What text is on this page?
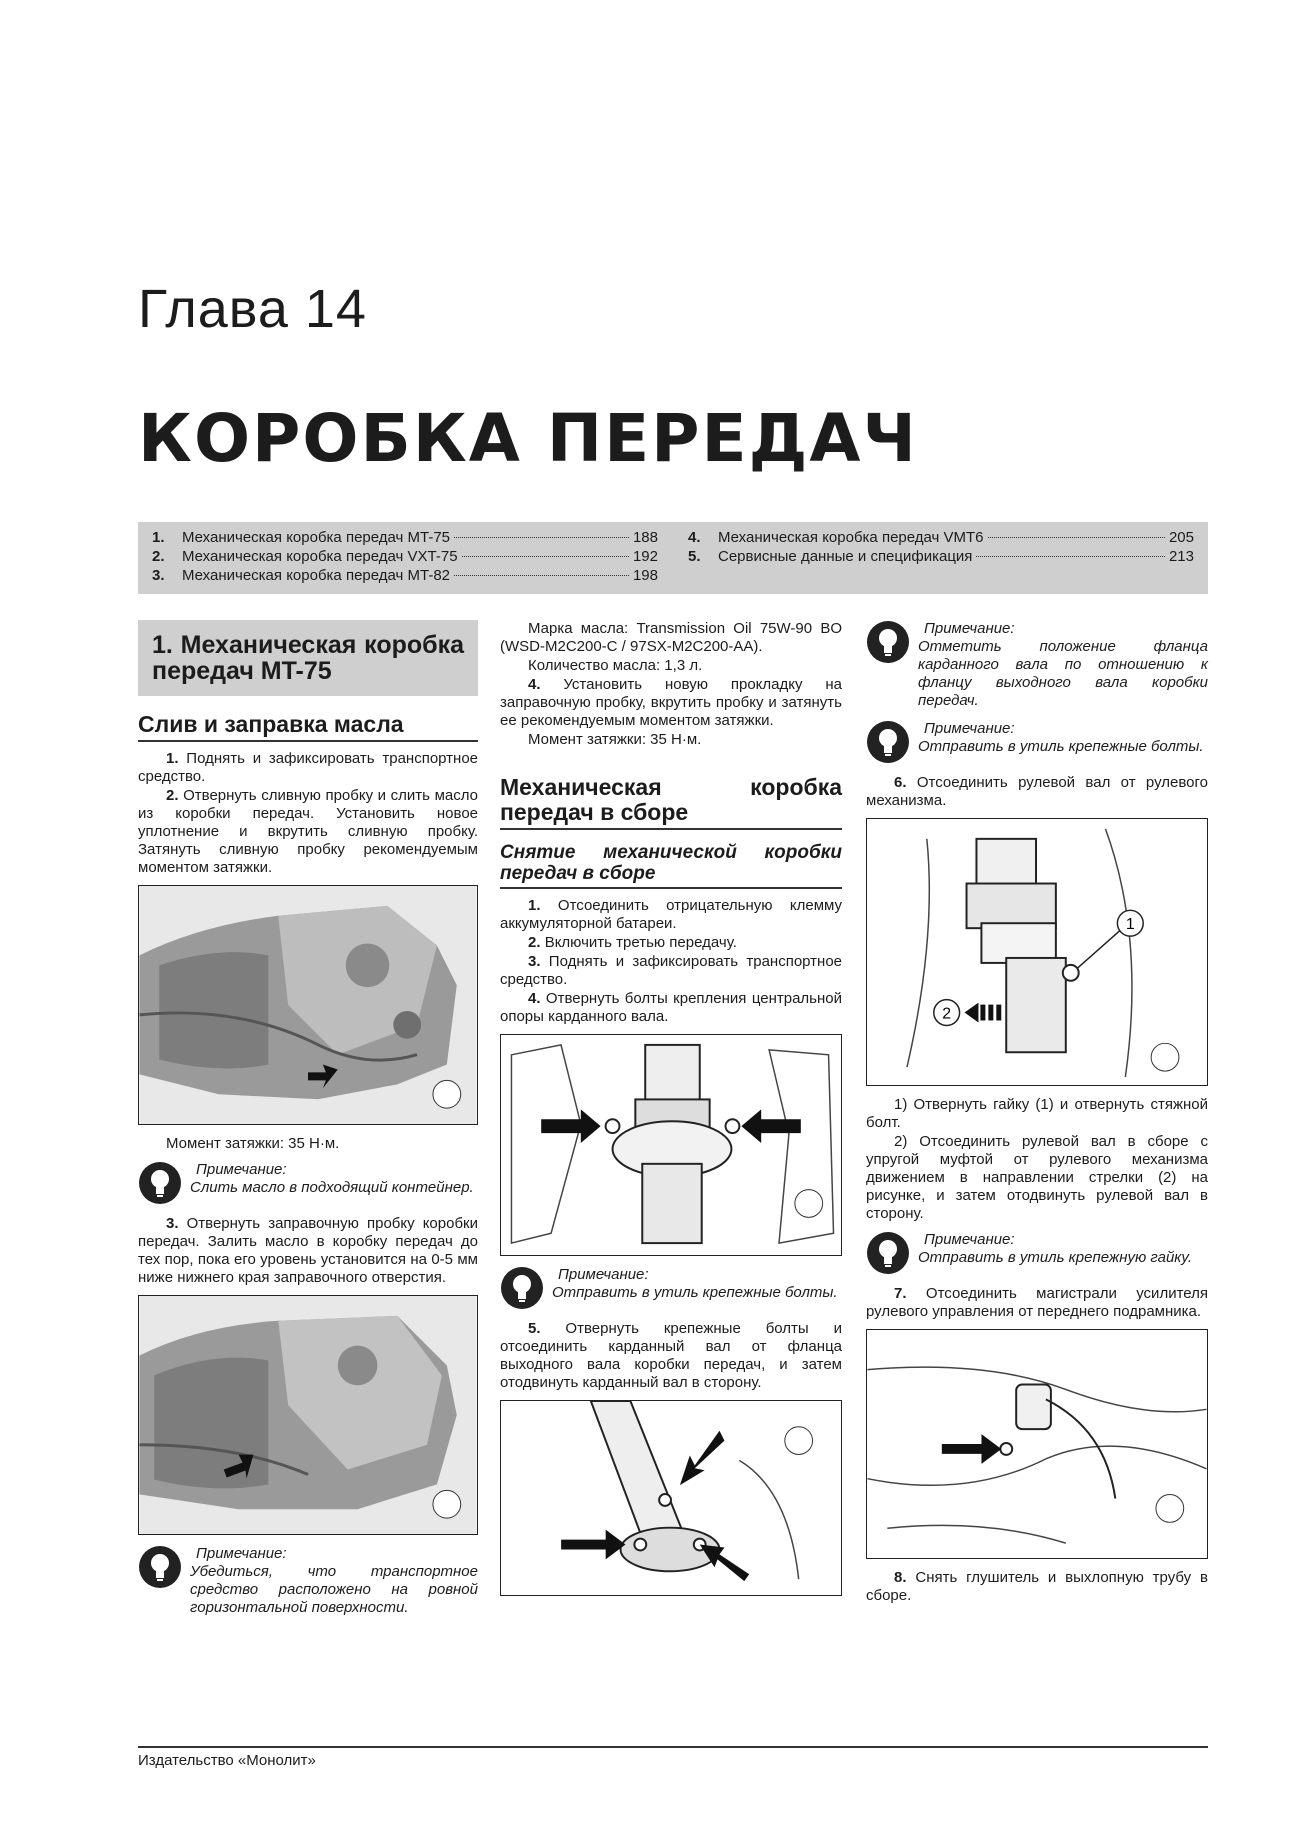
Глава 14
КОРОБКА ПЕРЕДАЧ
1.	Механическая коробка передач MT-75	188
2.	Механическая коробка передач VXT-75	192
3.	Механическая коробка передач MT-82	198
4.	Механическая коробка передач VMT6	205
5.	Сервисные данные и спецификация	213
1. Механическая коробка передач MT-75
Слив и заправка масла

1. Поднять и зафиксировать транспортное средство.

2. Отвернуть сливную пробку и слить масло из коробки передач. Установить новое уплотнение и вкрутить сливную пробку. Затянуть сливную пробку рекомендуемым моментом затяжки.

Момент затяжки: 35 Н·м.

Примечание:
Слить масло в подходящий контейнер.

3. Отвернуть заправочную пробку коробки передач. Залить масло в коробку передач до тех пор, пока его уровень установится на 0-5 мм ниже нижнего края заправочного отверстия.

Примечание:
Убедиться, что транспортное средство расположено на ровной горизонтальной поверхности.

Марка масла: Transmission Oil 75W-90 BO (WSD-M2C200-C / 97SX-M2C200-AA).

Количество масла: 1,3 л.

4. Установить новую прокладку на заправочную пробку, вкрутить пробку и затянуть ее рекомендуемым моментом затяжки.

Момент затяжки: 35 Н·м.

Механическая коробка передач в сборе
Снятие механической коробки передач в сборе

1. Отсоединить отрицательную клемму аккумуляторной батареи.

2. Включить третью передачу.

3. Поднять и зафиксировать транспортное средство.

4. Отвернуть болты крепления центральной опоры карданного вала.

Примечание:
Отправить в утиль крепежные болты.

5. Отвернуть крепежные болты и отсоединить карданный вал от фланца выходного вала коробки передач, и затем отодвинуть карданный вал в сторону.

Примечание:
Отметить положение фланца карданного вала по отношению к фланцу выходного вала коробки передач.
Примечание:
Отправить в утиль крепежные болты.

6. Отсоединить рулевой вал от рулевого механизма.

1
2

1) Отвернуть гайку (1) и отвернуть стяжной болт.

2) Отсоединить рулевой вал в сборе с упругой муфтой от рулевого механизма движением в направлении стрелки (2) на рисунке, и затем отодвинуть рулевой вал в сторону.

Примечание:
Отправить в утиль крепежную гайку.

7. Отсоединить магистрали усилителя рулевого управления от переднего подрамника.

8. Снять глушитель и выхлопную трубу в сборе.

Издательство «Монолит»
